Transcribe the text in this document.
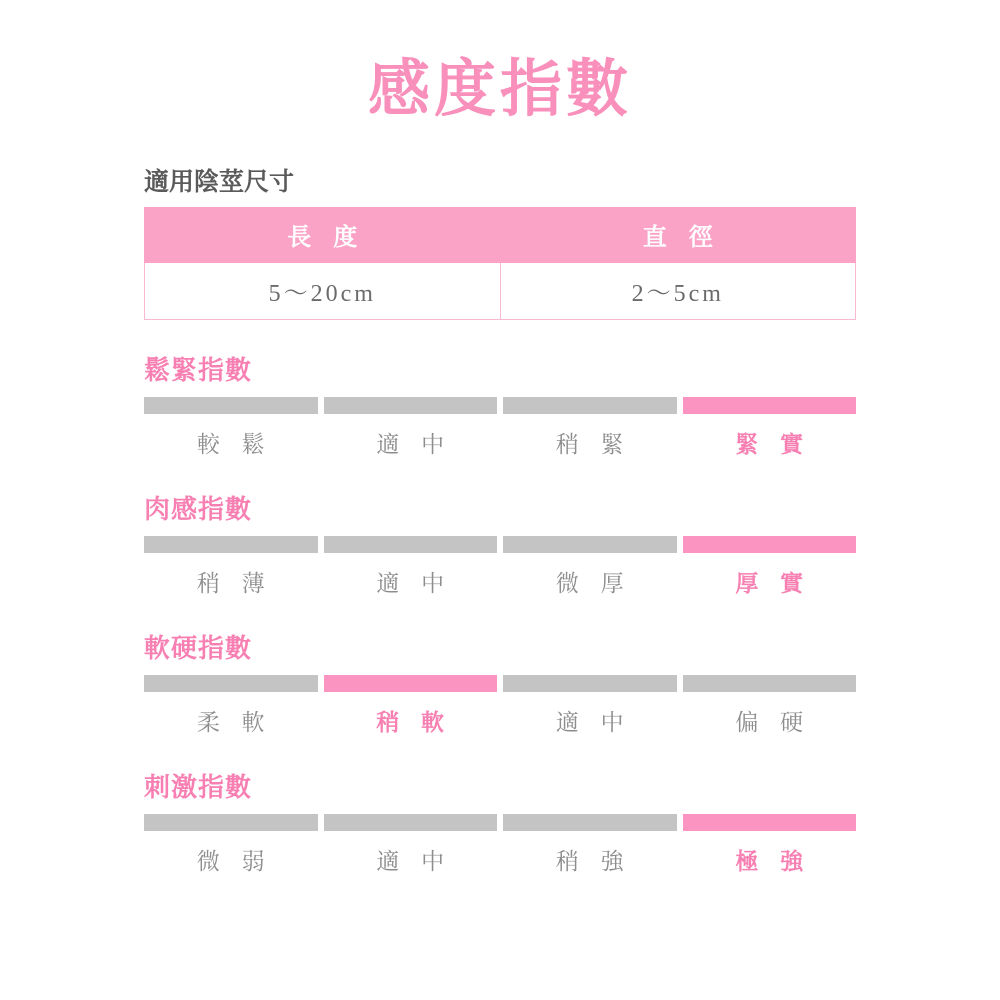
感度指數
適用陰莖尺寸
長 度	直 徑
5～20cm	2～5cm
鬆緊指數
較 鬆	適 中	稍 緊	緊 實
肉感指數
稍 薄	適 中	微 厚	厚 實
軟硬指數
柔 軟	稍 軟	適 中	偏 硬
刺激指數
微 弱	適 中	稍 強	極 強
